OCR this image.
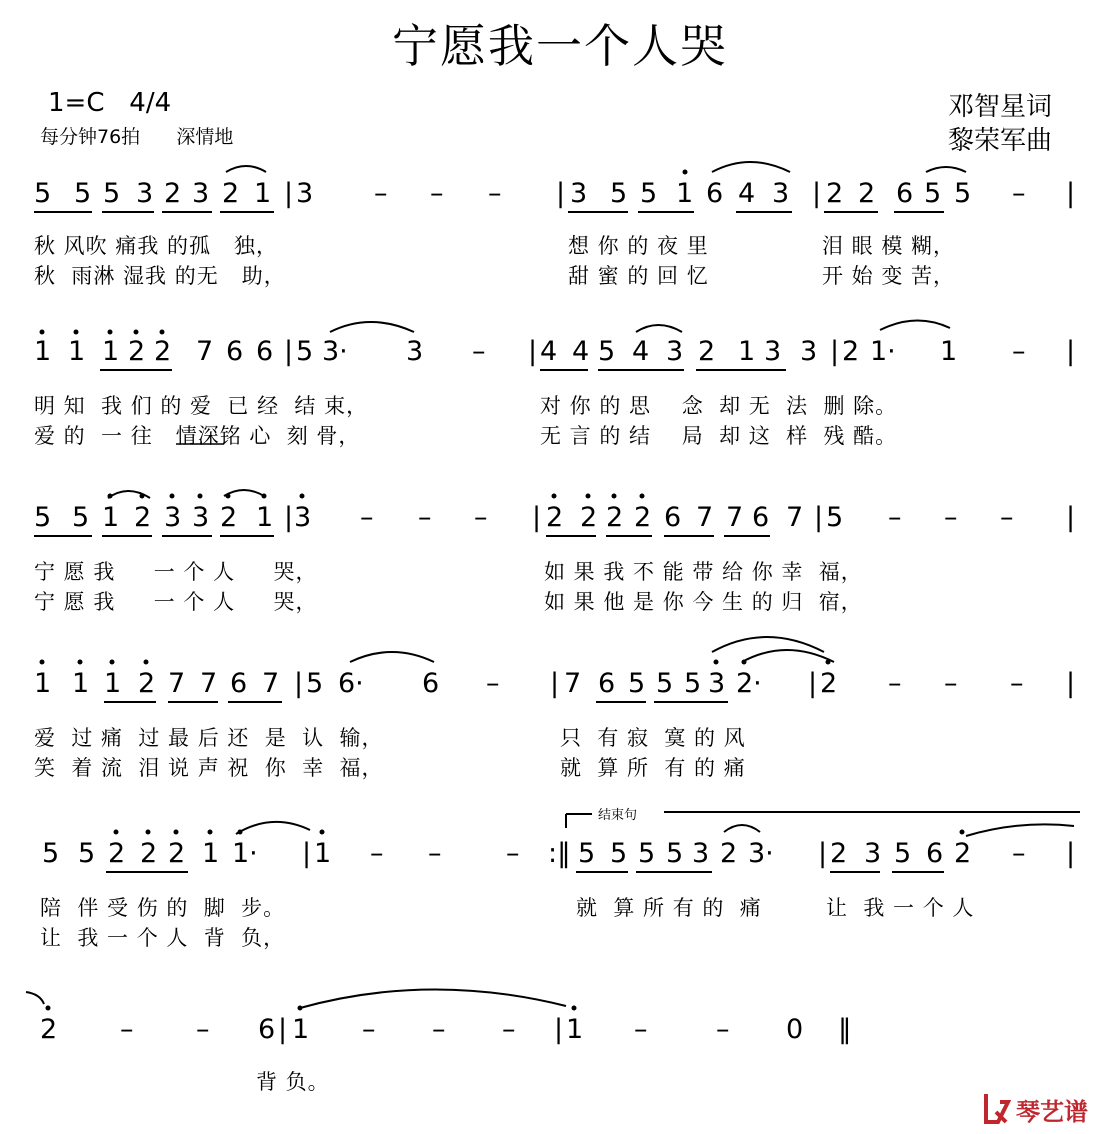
宁愿我一个人哭
1=C   4/4
每分钟76拍      深情地
邓智星词
黎荣军曲
5 5 5 3 2 3 2 1 | 3 – – – | 3 5 5 1 6 4 3 | 2 2 6 5 5 – |
秋 风吹 痛我 的孤   独，	想 你 的 夜 里	泪 眼 模 糊，
秋  雨淋 湿我 的无   助，	甜 蜜 的 回 忆	开 始 变 苦，
1 1 1 2 2 7 6 6 | 5 3· 3 – | 4 4 5 4 3 2 1 3 3 | 2 1· 1 – |
明 知  我 们 的 爱  已 经  结 束，	对 你 的 思    念  却 无  法  删 除。
爱 的  一 往   情深铭 心  刻 骨，	无 言 的 结    局  却 这  样  残 酷。
5 5 1 2 3 3 2 1 | 3 – – – | 2 2 2 2 6 7 7 6 7 | 5 – – – |
宁 愿 我     一 个 人     哭，	如 果 我 不 能 带 给 你 幸  福，
宁 愿 我     一 个 人     哭，	如 果 他 是 你 今 生 的 归  宿，
1 1 1 2 7 7 6 7 | 5 6· 6 – | 7 6 5 5 5 3 2· | 2 – – – |
爱  过 痛  过 最 后 还  是  认  输，	只  有 寂  寞 的 风
笑  着 流  泪 说 声 祝  你  幸  福，	就  算 所  有 的 痛
结束句
5 5 2 2 2 1 1· | 1 – – – :‖ 5 5 5 5 3 2 3· | 2 3 5 6 2 – |
陪  伴 受 伤 的  脚  步。	就  算 所 有 的  痛	让  我 一 个 人
让  我 一 个 人  背  负，
2 – – 6 | 1 – – – | 1 –	– 0 ‖
背 负。
琴艺谱
